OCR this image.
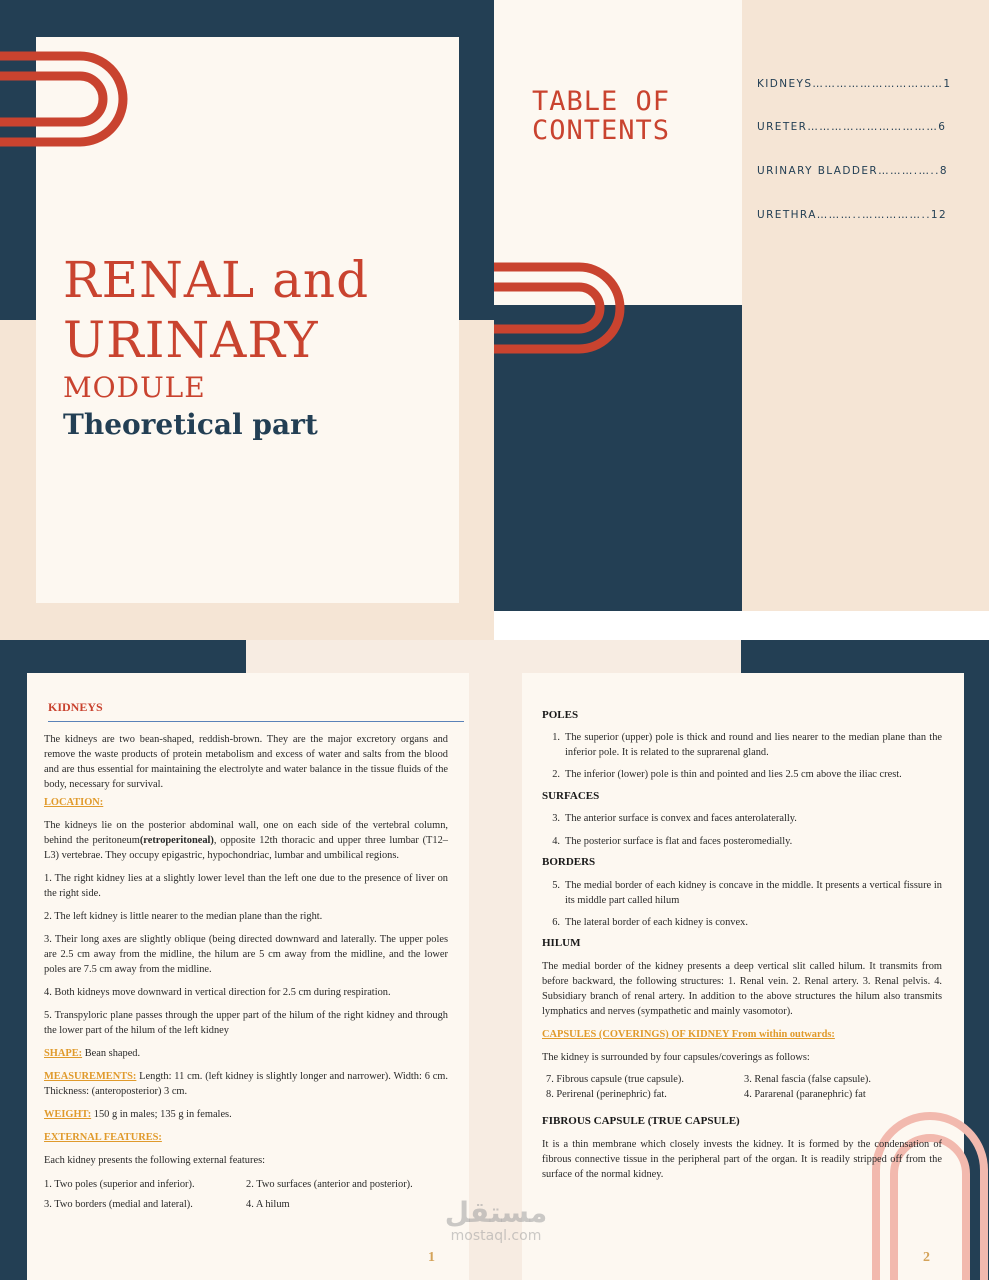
RENAL and
URINARY
MODULE
Theoretical part
TABLE OF
CONTENTS
KIDNEYS……………………………1
URETER……………………………6
URINARY BLADDER……….…..8
URETHRA………..……………..12
KIDNEYS

The kidneys are two bean-shaped, reddish-brown. They are the major excretory organs and remove the waste products of protein metabolism and excess of water and salts from the blood and are thus essential for maintaining the electrolyte and water balance in the tissue fluids of the body, necessary for survival.

LOCATION:

The kidneys lie on the posterior abdominal wall, one on each side of the vertebral column, behind the peritoneum(retroperitoneal), opposite 12th thoracic and upper three lumbar (T12–L3) vertebrae. They occupy epigastric, hypochondriac, lumbar and umbilical regions.

1. The right kidney lies at a slightly lower level than the left one due to the presence of liver on the right side.

2. The left kidney is little nearer to the median plane than the right.

3. Their long axes are slightly oblique (being directed downward and laterally. The upper poles are 2.5 cm away from the midline, the hilum are 5 cm away from the midline, and the lower poles are 7.5 cm away from the midline.

4. Both kidneys move downward in vertical direction for 2.5 cm during respiration.

5. Transpyloric plane passes through the upper part of the hilum of the right kidney and through the lower part of the hilum of the left kidney

SHAPE: Bean shaped.

MEASUREMENTS: Length: 11 cm. (left kidney is slightly longer and narrower). Width: 6 cm. Thickness: (anteroposterior) 3 cm.

WEIGHT: 150 g in males; 135 g in females.

EXTERNAL FEATURES:

Each kidney presents the following external features:

1. Two poles (superior and inferior).	2. Two surfaces (anterior and posterior).
3. Two borders (medial and lateral).	4. A hilum
1
مستقل
mostaql.com

POLES

1. The superior (upper) pole is thick and round and lies nearer to the median plane than the inferior pole. It is related to the suprarenal gland.
2. The inferior (lower) pole is thin and pointed and lies 2.5 cm above the iliac crest.

SURFACES

3. The anterior surface is convex and faces anterolaterally.
4. The posterior surface is flat and faces posteromedially.

BORDERS

5. The medial border of each kidney is concave in the middle. It presents a vertical fissure in its middle part called hilum
6. The lateral border of each kidney is convex.

HILUM

The medial border of the kidney presents a deep vertical slit called hilum. It transmits from before backward, the following structures: 1. Renal vein. 2. Renal artery. 3. Renal pelvis. 4. Subsidiary branch of renal artery. In addition to the above structures the hilum also transmits lymphatics and nerves (sympathetic and mainly vasomotor).

CAPSULES (COVERINGS) OF KIDNEY From within outwards:

The kidney is surrounded by four capsules/coverings as follows:

7. Fibrous capsule (true capsule).	3. Renal fascia (false capsule).
8. Perirenal (perinephric) fat.	4. Pararenal (paranephric) fat

FIBROUS CAPSULE (TRUE CAPSULE)

It is a thin membrane which closely invests the kidney. It is formed by the condensation of fibrous connective tissue in the peripheral part of the organ. It is readily stripped off from the surface of the normal kidney.

2
